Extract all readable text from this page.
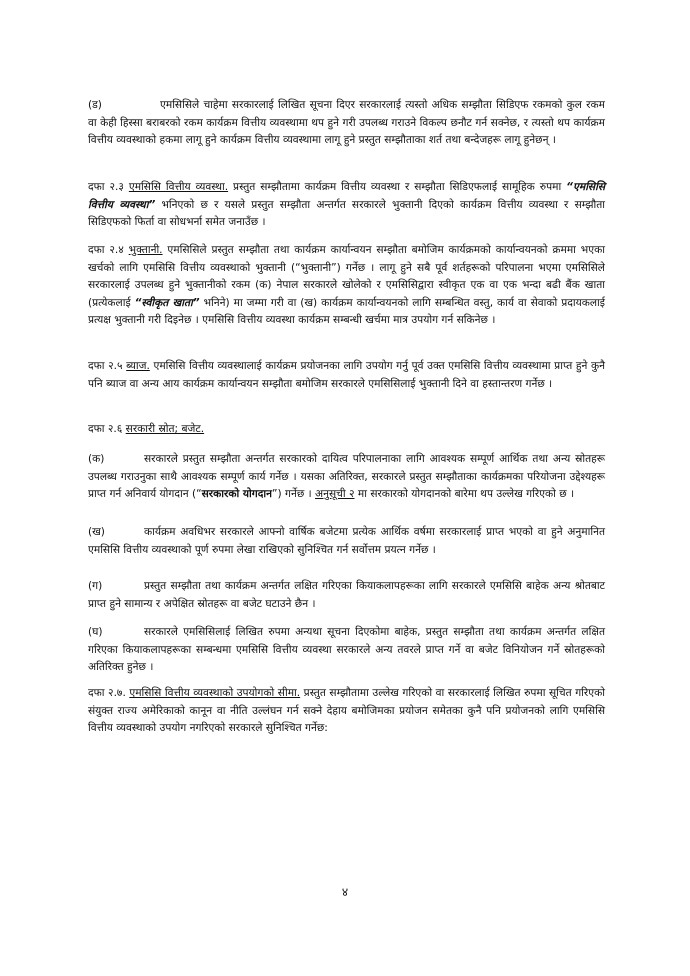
(ड)	एमसिसिले चाहेमा सरकारलाई लिखित सूचना दिएर सरकारलाई त्यस्तो अधिक सम्झौता सिडिएफ रकमको कुल रकम वा केही हिस्सा बराबरको रकम कार्यक्रम वित्तीय व्यवस्थामा थप हुने गरी उपलब्ध गराउने विकल्प छनौट गर्न सक्नेछ, र त्यस्तो थप कार्यक्रम वित्तीय व्यवस्थाको हकमा लागू हुने कार्यक्रम वित्तीय व्यवस्थामा लागू हुने प्रस्तुत सम्झौताका शर्त तथा बन्देजहरू लागू हुनेछन् ।
दफा २.३ एमसिसि वित्तीय व्यवस्था. प्रस्तुत सम्झौतामा कार्यक्रम वित्तीय व्यवस्था र सम्झौता सिडिएफलाई सामूहिक रुपमा “एमसिसि वित्तीय व्यवस्था” भनिएको छ र यसले प्रस्तुत सम्झौता अन्तर्गत सरकारले भुक्तानी दिएको कार्यक्रम वित्तीय व्यवस्था र सम्झौता सिडिएफको फिर्ता वा सोधभर्ना समेत जनाउँछ ।
दफा २.४ भुक्तानी. एमसिसिले प्रस्तुत सम्झौता तथा कार्यक्रम कार्यान्वयन सम्झौता बमोजिम कार्यक्रमको कार्यान्वयनको क्रममा भएका खर्चको लागि एमसिसि वित्तीय व्यवस्थाको भुक्तानी (“भुक्तानी”) गर्नेछ । लागू हुने सबै पूर्व शर्तहरूको परिपालना भएमा एमसिसिले सरकारलाई उपलब्ध हुने भुक्तानीको रकम (क) नेपाल सरकारले खोलेको र एमसिसिद्वारा स्वीकृत एक वा एक भन्दा बढी बैंक खाता (प्रत्येकलाई “स्वीकृत खाता” भनिने) मा जम्मा गरी वा (ख) कार्यक्रम कार्यान्वयनको लागि सम्बन्धित वस्तु, कार्य वा सेवाको प्रदायकलाई प्रत्यक्ष भुक्तानी गरी दिइनेछ । एमसिसि वित्तीय व्यवस्था कार्यक्रम सम्बन्धी खर्चमा मात्र उपयोग गर्न सकिनेछ ।
दफा २.५ ब्याज. एमसिसि वित्तीय व्यवस्थालाई कार्यक्रम प्रयोजनका लागि उपयोग गर्नु पूर्व उक्त एमसिसि वित्तीय व्यवस्थामा प्राप्त हुने कुनै पनि ब्याज वा अन्य आय कार्यक्रम कार्यान्वयन सम्झौता बमोजिम सरकारले एमसिसिलाई भुक्तानी दिने वा हस्तान्तरण गर्नेछ ।
दफा २.६ सरकारी स्रोत; बजेट.
(क)	सरकारले प्रस्तुत सम्झौता अन्तर्गत सरकारको दायित्व परिपालनाका लागि आवश्यक सम्पूर्ण आर्थिक तथा अन्य स्रोतहरू उपलब्ध गराउनुका साथै आवश्यक सम्पूर्ण कार्य गर्नेछ । यसका अतिरिक्त, सरकारले प्रस्तुत सम्झौताका कार्यक्रमका परियोजना उद्देश्यहरू प्राप्त गर्न अनिवार्य योगदान (“सरकारको योगदान”) गर्नेछ । अनुसूची २ मा सरकारको योगदानको बारेमा थप उल्लेख गरिएको छ ।
(ख)	कार्यक्रम अवधिभर सरकारले आफ्नो वार्षिक बजेटमा प्रत्येक आर्थिक वर्षमा सरकारलाई प्राप्त भएको वा हुने अनुमानित एमसिसि वित्तीय व्यवस्थाको पूर्ण रुपमा लेखा राखिएको सुनिश्चित गर्न सर्वोत्तम प्रयत्न गर्नेछ ।
(ग)	प्रस्तुत सम्झौता तथा कार्यक्रम अन्तर्गत लक्षित गरिएका कियाकलापहरूका लागि सरकारले एमसिसि बाहेक अन्य श्रोतबाट प्राप्त हुने सामान्य र अपेक्षित स्रोतहरू वा बजेट घटाउने छैन ।
(घ)	सरकारले एमसिसिलाई लिखित रुपमा अन्यथा सूचना दिएकोमा बाहेक, प्रस्तुत सम्झौता तथा कार्यक्रम अन्तर्गत लक्षित गरिएका कियाकलापहरूका सम्बन्धमा एमसिसि वित्तीय व्यवस्था सरकारले अन्य तवरले प्राप्त गर्ने वा बजेट विनियोजन गर्ने स्रोतहरूको अतिरिक्त हुनेछ ।
दफा २.७. एमसिसि वित्तीय व्यवस्थाको उपयोगको सीमा. प्रस्तुत सम्झौतामा उल्लेख गरिएको वा सरकारलाई लिखित रुपमा सूचित गरिएको संयुक्त राज्य अमेरिकाको कानून वा नीति उल्लंघन गर्न सक्ने देहाय बमोजिमका प्रयोजन समेतका कुनै पनि प्रयोजनको लागि एमसिसि वित्तीय व्यवस्थाको उपयोग नगरिएको सरकारले सुनिश्चित गर्नेछ:
४
